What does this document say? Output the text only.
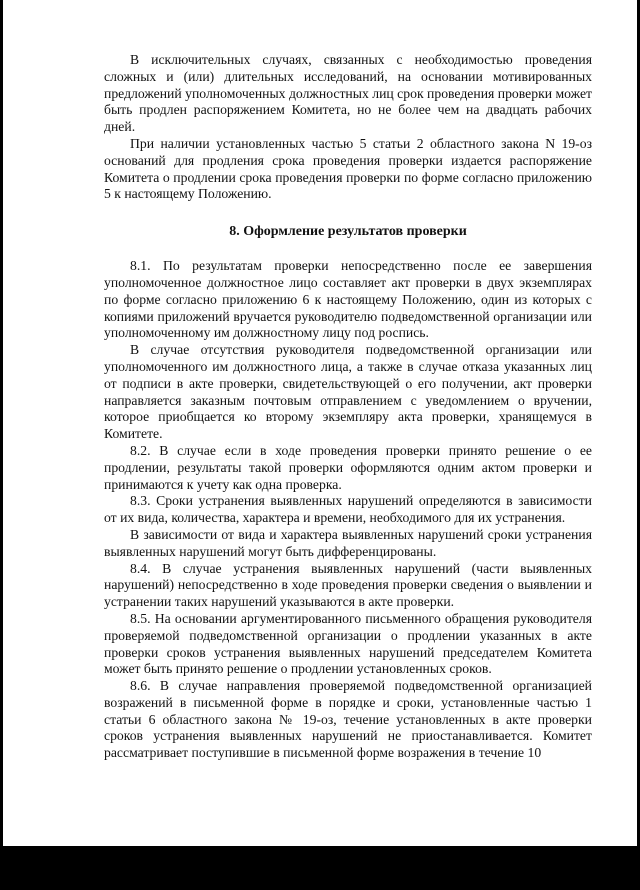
В исключительных случаях, связанных с необходимостью проведения сложных и (или) длительных исследований, на основании мотивированных предложений уполномоченных должностных лиц срок проведения проверки может быть продлен распоряжением Комитета, но не более чем на двадцать рабочих дней.

При наличии установленных частью 5 статьи 2 областного закона N 19-оз оснований для продления срока проведения проверки издается распоряжение Комитета о продлении срока проведения проверки по форме согласно приложению 5 к настоящему Положению.

8. Оформление результатов проверки

8.1. По результатам проверки непосредственно после ее завершения уполномоченное должностное лицо составляет акт проверки в двух экземплярах по форме согласно приложению 6 к настоящему Положению, один из которых с копиями приложений вручается руководителю подведомственной организации или уполномоченному им должностному лицу под роспись.

В случае отсутствия руководителя подведомственной организации или уполномоченного им должностного лица, а также в случае отказа указанных лиц от подписи в акте проверки, свидетельствующей о его получении, акт проверки направляется заказным почтовым отправлением с уведомлением о вручении, которое приобщается ко второму экземпляру акта проверки, хранящемуся в Комитете.

8.2. В случае если в ходе проведения проверки принято решение о ее продлении, результаты такой проверки оформляются одним актом проверки и принимаются к учету как одна проверка.

8.3. Сроки устранения выявленных нарушений определяются в зависимости от их вида, количества, характера и времени, необходимого для их устранения.

В зависимости от вида и характера выявленных нарушений сроки устранения выявленных нарушений могут быть дифференцированы.

8.4. В случае устранения выявленных нарушений (части выявленных нарушений) непосредственно в ходе проведения проверки сведения о выявлении и устранении таких нарушений указываются в акте проверки.

8.5. На основании аргументированного письменного обращения руководителя проверяемой подведомственной организации о продлении указанных в акте проверки сроков устранения выявленных нарушений председателем Комитета может быть принято решение о продлении установленных сроков.

8.6. В случае направления проверяемой подведомственной организацией возражений в письменной форме в порядке и сроки, установленные частью 1 статьи 6 областного закона № 19-оз, течение установленных в акте проверки сроков устранения выявленных нарушений не приостанавливается. Комитет рассматривает поступившие в письменной форме возражения в течение 10
